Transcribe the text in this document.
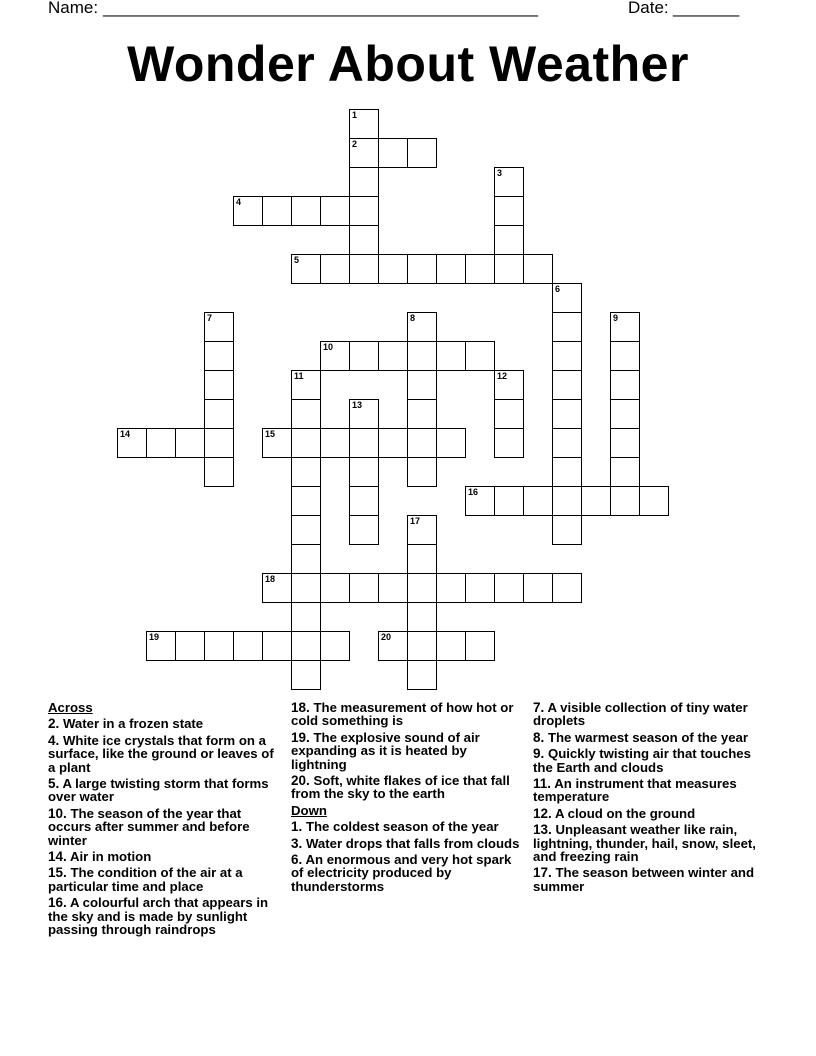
Name: ______________________________________________	Date: _______
Wonder About Weather
1
2
3
4
5
6
7	8	9
10
11	12
13
14	15
16
17
18
19	20
Across
2. Water in a frozen state
4. White ice crystals that form on a surface, like the ground or leaves of a plant
5. A large twisting storm that forms over water
10. The season of the year that occurs after summer and before winter
14. Air in motion
15. The condition of the air at a particular time and place
16. A colourful arch that appears in the sky and is made by sunlight passing through raindrops
18. The measurement of how hot or cold something is
19. The explosive sound of air expanding as it is heated by lightning
20. Soft, white flakes of ice that fall from the sky to the earth
Down
1. The coldest season of the year
3. Water drops that falls from clouds
6. An enormous and very hot spark of electricity produced by thunderstorms
7. A visible collection of tiny water droplets
8. The warmest season of the year
9. Quickly twisting air that touches the Earth and clouds
11. An instrument that measures temperature
12. A cloud on the ground
13. Unpleasant weather like rain, lightning, thunder, hail, snow, sleet, and freezing rain
17. The season between winter and summer
